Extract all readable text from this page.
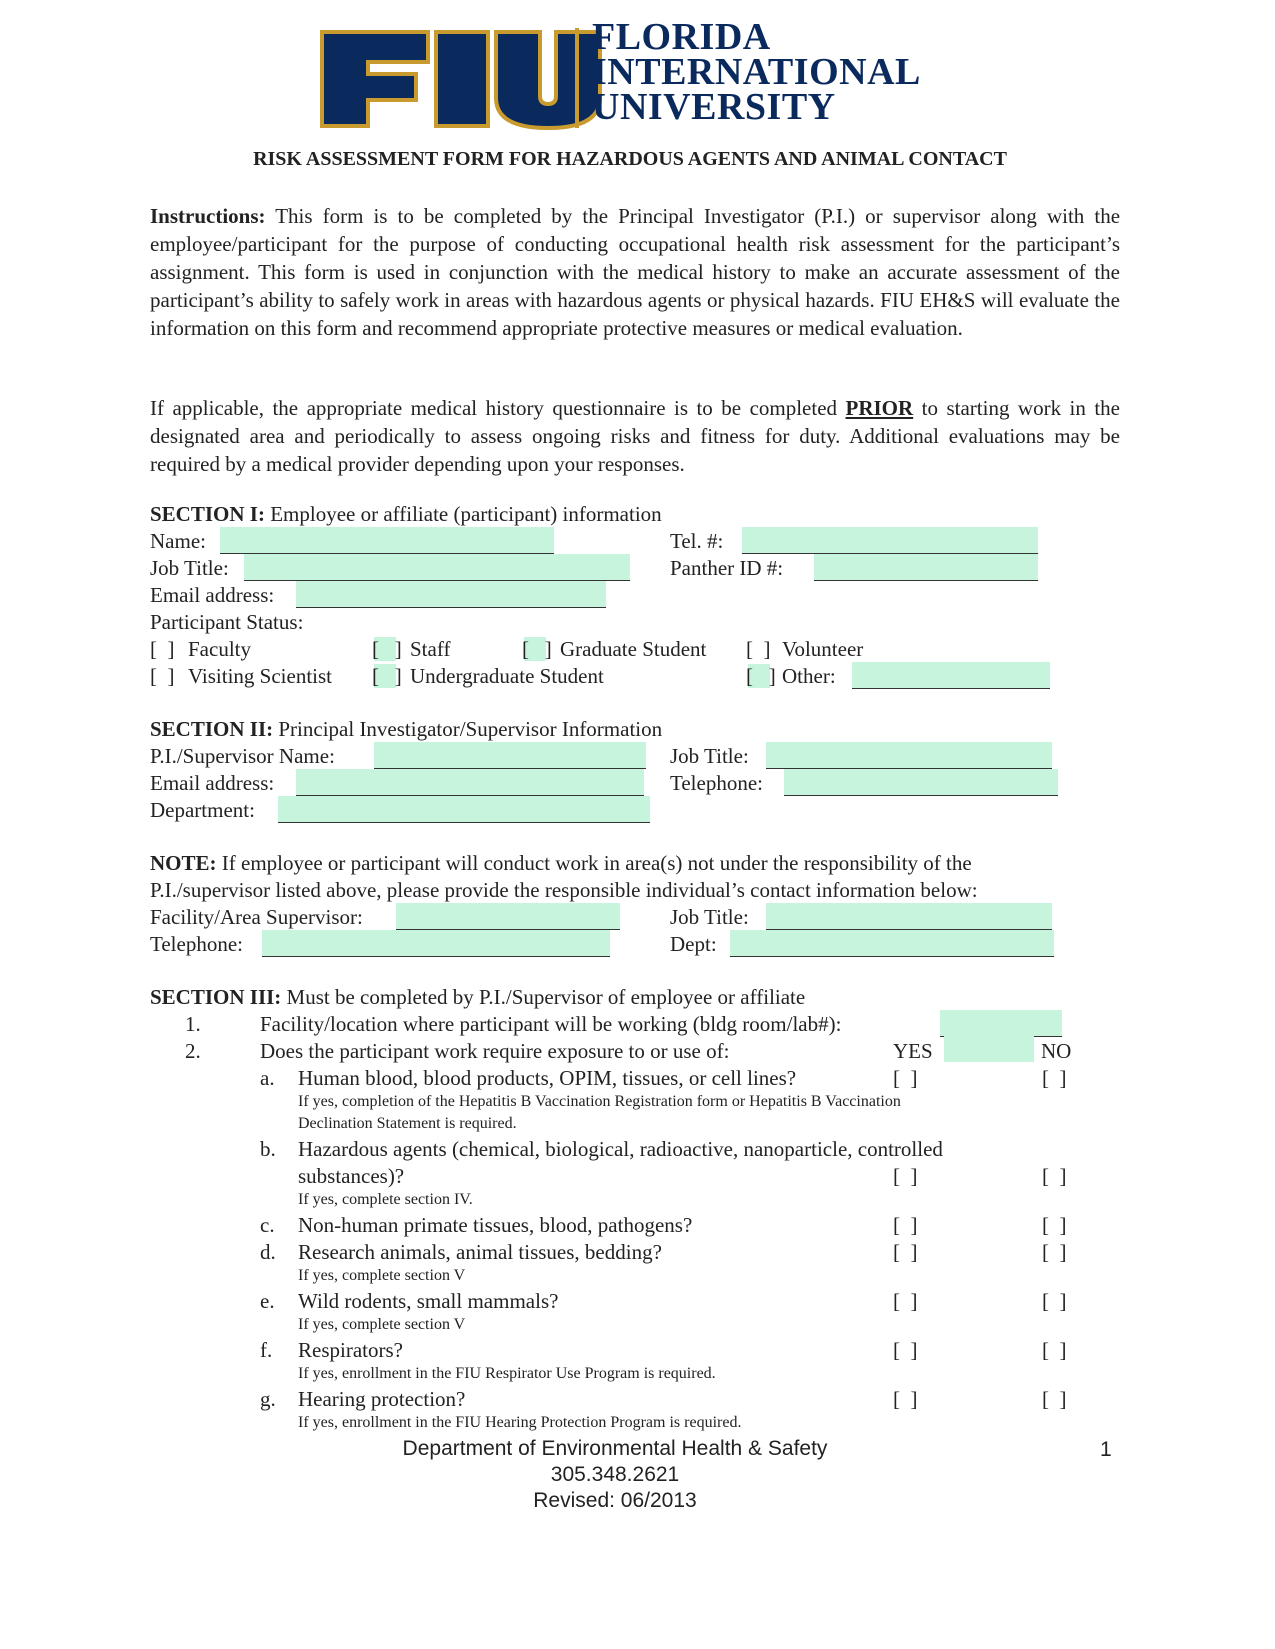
FLORIDA
INTERNATIONAL
UNIVERSITY
RISK ASSESSMENT FORM FOR HAZARDOUS AGENTS AND ANIMAL CONTACT
Instructions: This form is to be completed by the Principal Investigator (P.I.) or supervisor along with the employee/participant for the purpose of conducting occupational health risk assessment for the participant’s assignment. This form is used in conjunction with the medical history to make an accurate assessment of the participant’s ability to safely work in areas with hazardous agents or physical hazards. FIU EH&S will evaluate the information on this form and recommend appropriate protective measures or medical evaluation.
If applicable, the appropriate medical history questionnaire is to be completed PRIOR to starting work in the designated area and periodically to assess ongoing risks and fitness for duty. Additional evaluations may be required by a medical provider depending upon your responses.
SECTION I: Employee or affiliate (participant) information
Name:	Tel. #:
Job Title:	Panther ID #:
Email address:
Participant Status:
[  ] Faculty	[   ] Staff	[   ] Graduate Student [  ] Volunteer
[  ] Visiting Scientist [   ] Undergraduate Student	[   ] Other:
SECTION II: Principal Investigator/Supervisor Information
P.I./Supervisor Name:	Job Title:
Email address:	Telephone:
Department:
NOTE: If employee or participant will conduct work in area(s) not under the responsibility of the
P.I./supervisor listed above, please provide the responsible individual’s contact information below:
Facility/Area Supervisor:	Job Title:
Telephone:	Dept:
SECTION III: Must be completed by P.I./Supervisor of employee or affiliate
1.	Facility/location where participant will be working (bldg room/lab#):
2.	Does the participant work require exposure to or use of:	YES	NO
a. Human blood, blood products, OPIM, tissues, or cell lines?	[  ]	[  ]
If yes, completion of the Hepatitis B Vaccination Registration form or Hepatitis B Vaccination
Declination Statement is required.
b. Hazardous agents (chemical, biological, radioactive, nanoparticle, controlled
substances)?	[  ]	[  ]
If yes, complete section IV.
c. Non-human primate tissues, blood, pathogens?	[  ]	[  ]
d. Research animals, animal tissues, bedding?	[  ]	[  ]
If yes, complete section V
e. Wild rodents, small mammals?	[  ]	[  ]
If yes, complete section V
f. Respirators?	[  ]	[  ]
If yes, enrollment in the FIU Respirator Use Program is required.
g. Hearing protection?	[  ]	[  ]
If yes, enrollment in the FIU Hearing Protection Program is required.
Department of Environmental Health & Safety
305.348.2621
Revised: 06/2013
1
